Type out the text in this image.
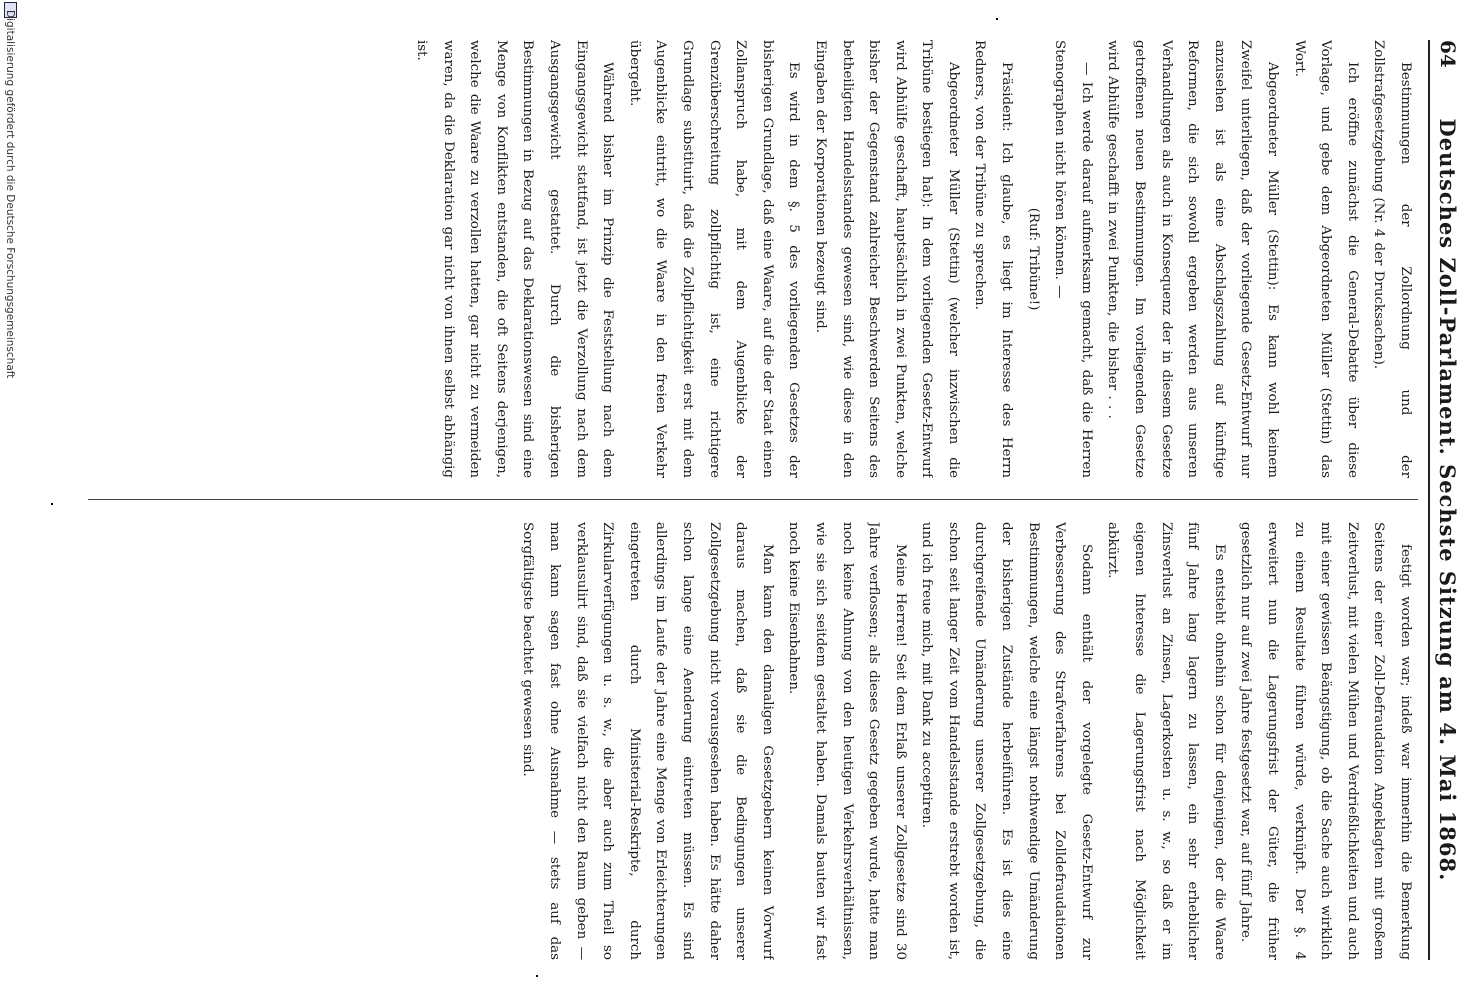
64
Deutsches Zoll-Parlament. Sechste Sitzung am 4. Mai 1868.

Bestimmungen der Zollordnung und der Zollstrafgesetzgebung (Nr. 4 der Drucksachen).

Ich eröffne zunächst die General-Debatte über diese Vorlage, und gebe dem Abgeordneten Müller (Stettin) das Wort.

Abgeordneter Müller (Stettin): Es kann wohl keinem Zweifel unterliegen, daß der vorliegende Gesetz-Entwurf nur anzusehen ist als eine Abschlagszahlung auf künftige Reformen, die sich sowohl ergeben werden aus unseren Verhandlungen als auch in Konsequenz der in diesem Gesetze getroffenen neuen Bestimmungen. Im vorliegenden Gesetze wird Abhülfe geschafft in zwei Punkten, die bisher . . .

— Ich werde darauf aufmerksam gemacht, daß die Herren Stenographen nicht hören können. —

(Ruf: Tribüne!)

Präsident: Ich glaube, es liegt im Interesse des Herrn Redners, von der Tribüne zu sprechen.

Abgeordneter Müller (Stettin) (welcher inzwischen die Tribüne bestiegen hat): In dem vorliegenden Gesetz-Entwurf wird Abhülfe geschafft, hauptsächlich in zwei Punkten, welche bisher der Gegenstand zahlreicher Beschwerden Seitens des betheiligten Handelsstandes gewesen sind, wie diese in den Eingaben der Korporationen bezeugt sind.

Es wird in dem §. 5 des vorliegenden Gesetzes der bisherigen Grundlage, daß eine Waare, auf die der Staat einen Zollanspruch habe, mit dem Augenblicke der Grenzüberschreitung zollpflichtig ist, eine richtigere Grundlage substituirt, daß die Zollpflichtigkeit erst mit dem Augenblicke eintritt, wo die Waare in den freien Verkehr übergeht.

Während bisher im Prinzip die Feststellung nach dem Eingangsgewicht stattfand, ist jetzt die Verzollung nach dem Ausgangsgewicht gestattet. Durch die bisherigen Bestimmungen in Bezug auf das Deklarationswesen sind eine Menge von Konflikten entstanden, die oft Seitens derjenigen, welche die Waare zu verzollen hatten, gar nicht zu vermeiden waren, da die Deklaration gar nicht von ihnen selbst abhängig ist.

festigt worden war; indeß war immerhin die Bemerkung Seitens der einer Zoll-Defraudation Angeklagten mit großem Zeitverlust, mit vielen Mühen und Verdrießlichkeiten und auch mit einer gewissen Beängstigung, ob die Sache auch wirklich zu einem Resultate führen würde, verknüpft. Der §. 4 erweitert nun die Lagerungsfrist der Güter, die früher gesetzlich nur auf zwei Jahre festgesetzt war, auf fünf Jahre.

Es entsteht ohnehin schon für denjenigen, der die Waare fünf Jahre lang lagern zu lassen, ein sehr erheblicher Zinsverlust an Zinsen, Lagerkosten u. s. w., so daß er im eigenen Interesse die Lagerungsfrist nach Möglichkeit abkürzt.

Sodann enthält der vorgelegte Gesetz-Entwurf zur Verbesserung des Strafverfahrens bei Zolldefraudationen Bestimmungen, welche eine längst nothwendige Umänderung der bisherigen Zustände herbeiführen. Es ist dies eine durchgreifende Umänderung unserer Zollgesetzgebung, die schon seit langer Zeit vom Handelsstande erstrebt worden ist, und ich freue mich, mit Dank zu acceptiren.

Meine Herren! Seit dem Erlaß unserer Zollgesetze sind 30 Jahre verflossen; als dieses Gesetz gegeben wurde, hatte man noch keine Ahnung von den heutigen Verkehrsverhältnissen, wie sie sich seitdem gestaltet haben. Damals bauten wir fast noch keine Eisenbahnen.

Man kann den damaligen Gesetzgebern keinen Vorwurf daraus machen, daß sie die Bedingungen unserer Zollgesetzgebung nicht vorausgesehen haben. Es hätte daher schon lange eine Aenderung eintreten müssen. Es sind allerdings im Laufe der Jahre eine Menge von Erleichterungen eingetreten durch Ministerial-Reskripte, durch Zirkularverfügungen u. s. w., die aber auch zum Theil so verklausulirt sind, daß sie vielfach nicht den Raum geben — man kann sagen fast ohne Ausnahme — stets auf das Sorgfältigste beachtet gewesen sind.

Digitalisierung gefördert durch die Deutsche Forschungsgemeinschaft
